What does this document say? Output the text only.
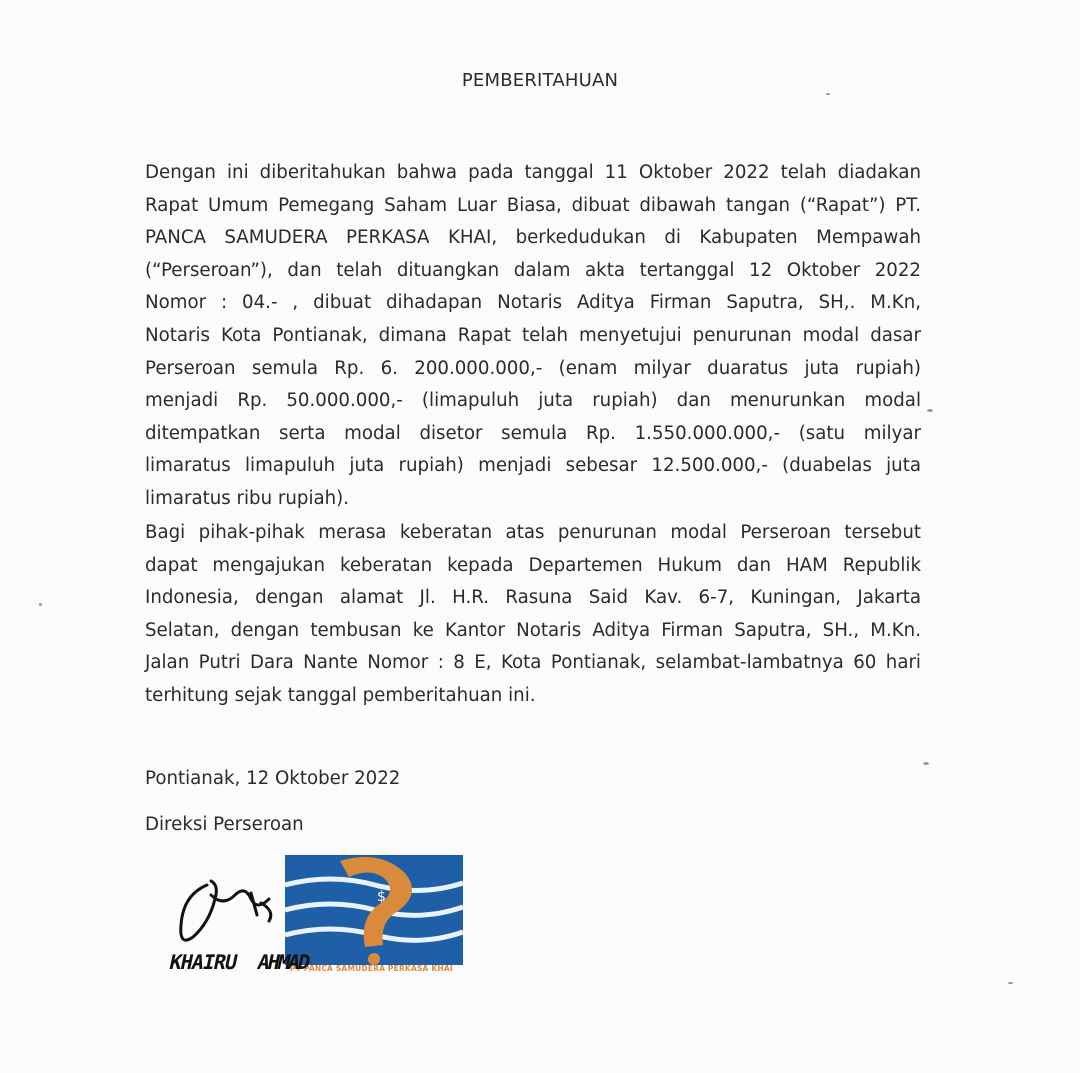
PEMBERITAHUAN

Dengan ini diberitahukan bahwa pada tanggal 11 Oktober 2022 telah diadakan
Rapat Umum Pemegang Saham Luar Biasa, dibuat dibawah tangan (“Rapat”) PT.
PANCA SAMUDERA PERKASA KHAI, berkedudukan di Kabupaten Mempawah
(“Perseroan”), dan telah dituangkan dalam akta tertanggal 12 Oktober 2022
Nomor : 04.- , dibuat dihadapan Notaris Aditya Firman Saputra, SH,. M.Kn,
Notaris Kota Pontianak, dimana Rapat telah menyetujui penurunan modal dasar
Perseroan semula Rp. 6. 200.000.000,- (enam milyar duaratus juta rupiah)
menjadi Rp. 50.000.000,- (limapuluh juta rupiah) dan menurunkan modal
ditempatkan serta modal disetor semula Rp. 1.550.000.000,- (satu milyar
limaratus limapuluh juta rupiah) menjadi sebesar 12.500.000,- (duabelas juta
limaratus ribu rupiah).

Bagi pihak-pihak merasa keberatan atas penurunan modal Perseroan tersebut
dapat mengajukan keberatan kepada Departemen Hukum dan HAM Republik
Indonesia, dengan alamat Jl. H.R. Rasuna Said Kav. 6-7, Kuningan, Jakarta
Selatan, dengan tembusan ke Kantor Notaris Aditya Firman Saputra, SH., M.Kn.
Jalan Putri Dara Nante Nomor : 8 E, Kota Pontianak, selambat-lambatnya 60 hari
terhitung sejak tanggal pemberitahuan ini.

Pontianak, 12 Oktober 2022
Direksi Perseroan
$
PT PANCA SAMUDERA PERKASA KHAI
KHAIRU AHMAD
